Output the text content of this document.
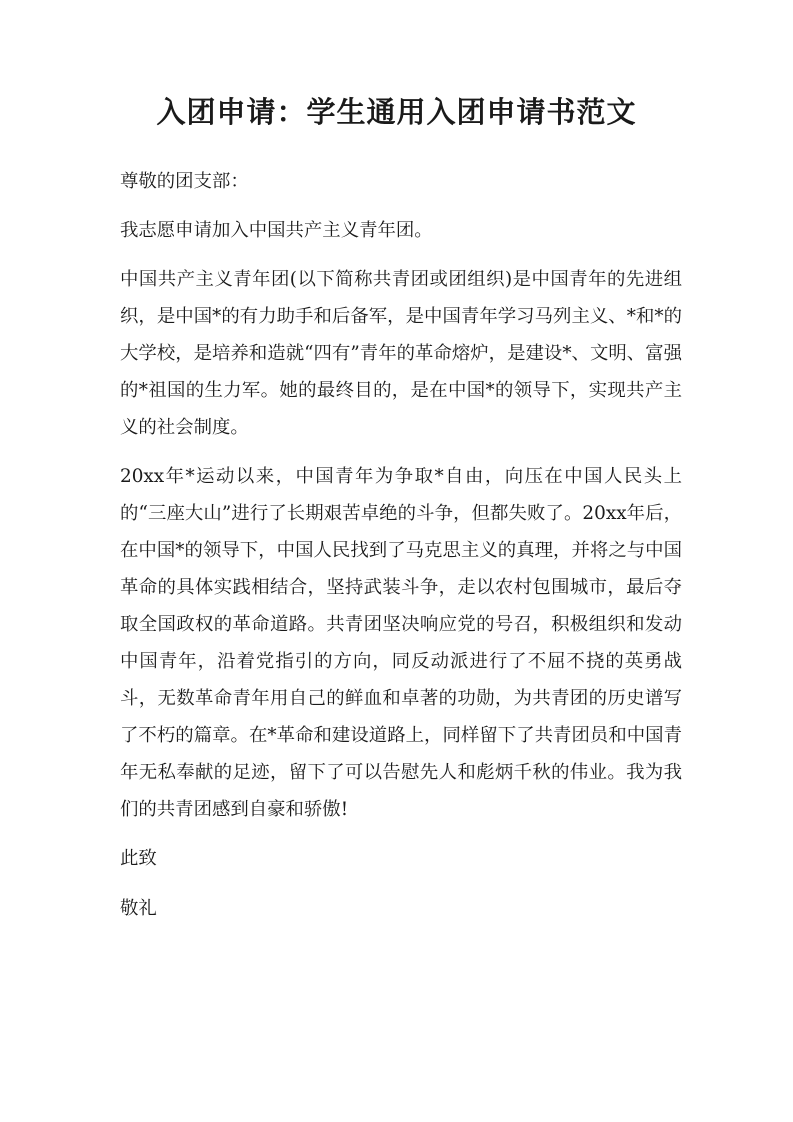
入团申请：学生通用入团申请书范文

尊敬的团支部：

我志愿申请加入中国共产主义青年团。

中国共产主义青年团(以下简称共青团或团组织)是中国青年的先进组织，是中国*的有力助手和后备军，是中国青年学习马列主义、*和*的大学校，是培养和造就“四有”青年的革命熔炉，是建设*、文明、富强的*祖国的生力军。她的最终目的，是在中国*的领导下，实现共产主义的社会制度。

20xx年*运动以来，中国青年为争取*自由，向压在中国人民头上的“三座大山”进行了长期艰苦卓绝的斗争，但都失败了。20xx年后，在中国*的领导下，中国人民找到了马克思主义的真理，并将之与中国革命的具体实践相结合，坚持武装斗争，走以农村包围城市，最后夺取全国政权的革命道路。共青团坚决响应党的号召，积极组织和发动中国青年，沿着党指引的方向，同反动派进行了不屈不挠的英勇战斗，无数革命青年用自己的鲜血和卓著的功勋，为共青团的历史谱写了不朽的篇章。在*革命和建设道路上，同样留下了共青团员和中国青年无私奉献的足迹，留下了可以告慰先人和彪炳千秋的伟业。我为我们的共青团感到自豪和骄傲!

此致

敬礼
